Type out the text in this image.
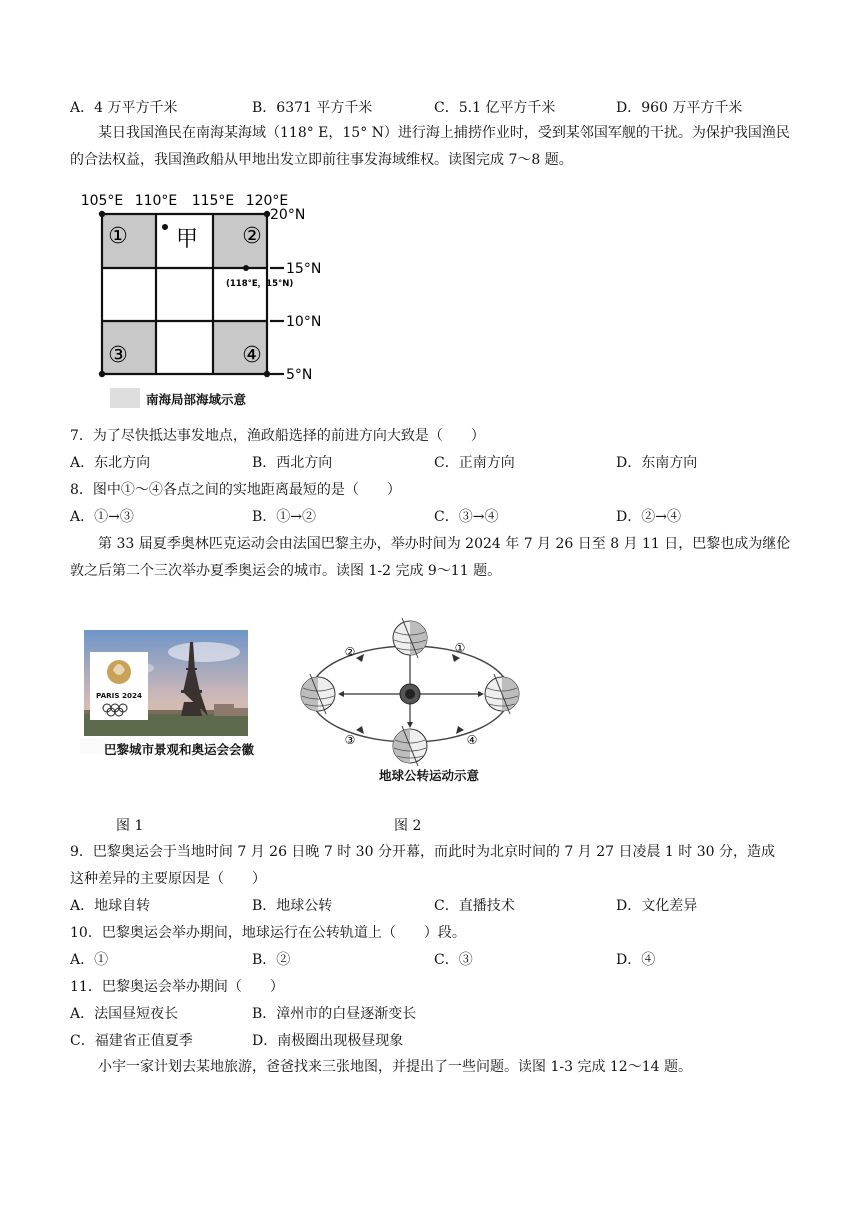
A．4 万平方千米	B．6371 平方千米	C．5.1 亿平方千米	D．960 万平方千米
某日我国渔民在南海某海域（118° E，15° N）进行海上捕捞作业时，受到某邻国军舰的干扰。为保护我国渔民的合法权益，我国渔政船从甲地出发立即前往事发海域维权。读图完成 7～8 题。
105°E 110°E 115°E 120°E
20°N
15°N
10°N
5°N
①	②
③	④
甲
(118°E，15°N)
南海局部海域示意
7．为了尽快抵达事发地点，渔政船选择的前进方向大致是（　　）
A．东北方向	B．西北方向	C．正南方向	D．东南方向
8．图中①～④各点之间的实地距离最短的是（　　）
A．①→③	B．①→②	C．③→④	D．②→④
第 33 届夏季奥林匹克运动会由法国巴黎主办，举办时间为 2024 年 7 月 26 日至 8 月 11 日，巴黎也成为继伦敦之后第二个三次举办夏季奥运会的城市。读图 1-2 完成 9～11 题。
PARIS 2024
巴黎城市景观和奥运会会徽
②	①
③	④
地球公转运动示意
图 1	图 2
9．巴黎奥运会于当地时间 7 月 26 日晚 7 时 30 分开幕，而此时为北京时间的 7 月 27 日凌晨 1 时 30 分，造成
这种差异的主要原因是（　　）
A．地球自转	B．地球公转	C．直播技术	D．文化差异
10．巴黎奥运会举办期间，地球运行在公转轨道上（　　）段。
A．①	B．②	C．③	D．④
11．巴黎奥运会举办期间（　　）
A．法国昼短夜长	B．漳州市的白昼逐渐变长
C．福建省正值夏季	D．南极圈出现极昼现象
小宇一家计划去某地旅游，爸爸找来三张地图，并提出了一些问题。读图 1-3 完成 12～14 题。
